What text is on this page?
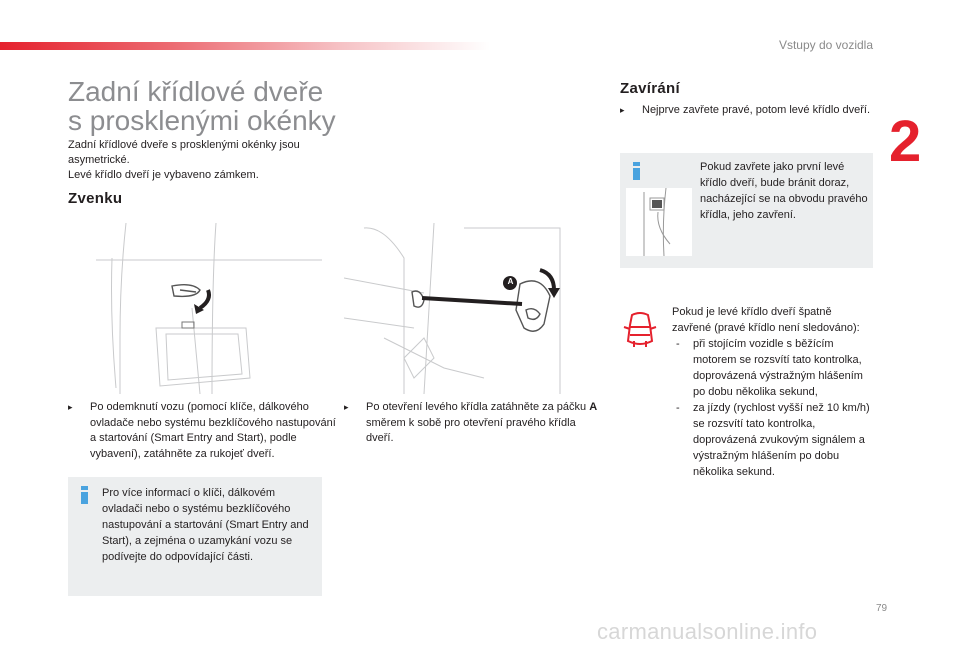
Vstupy do vozidla
2
Zadní křídlové dveře
s prosklenými okénky
Zadní křídlové dveře s prosklenými okénky jsou asymetrické.
Levé křídlo dveří je vybaveno zámkem.
Zvenku
A
▸ Po odemknutí vozu (pomocí klíče, dálkového ovladače nebo systému bezklíčového nastupování a startování (Smart Entry and Start), podle vybavení), zatáhněte za rukojeť dveří.
▸ Po otevření levého křídla zatáhněte za páčku A směrem k sobě pro otevření pravého křídla dveří.
Pro více informací o klíči, dálkovém ovladači nebo o systému bezklíčového nastupování a startování (Smart Entry and Start), a zejména o uzamykání vozu se podívejte do odpovídající části.
Zavírání
▸ Nejprve zavřete pravé, potom levé křídlo dveří.
Pokud zavřete jako první levé křídlo dveří, bude bránit doraz, nacházející se na obvodu pravého křídla, jeho zavření.
Pokud je levé křídlo dveří špatně zavřené (pravé křídlo není sledováno):
- při stojícím vozidle s běžícím motorem se rozsvítí tato kontrolka, doprovázená výstražným hlášením po dobu několika sekund,
- za jízdy (rychlost vyšší než 10 km/h) se rozsvítí tato kontrolka, doprovázená zvukovým signálem a výstražným hlášením po dobu několika sekund.
79
carmanualsonline.info
